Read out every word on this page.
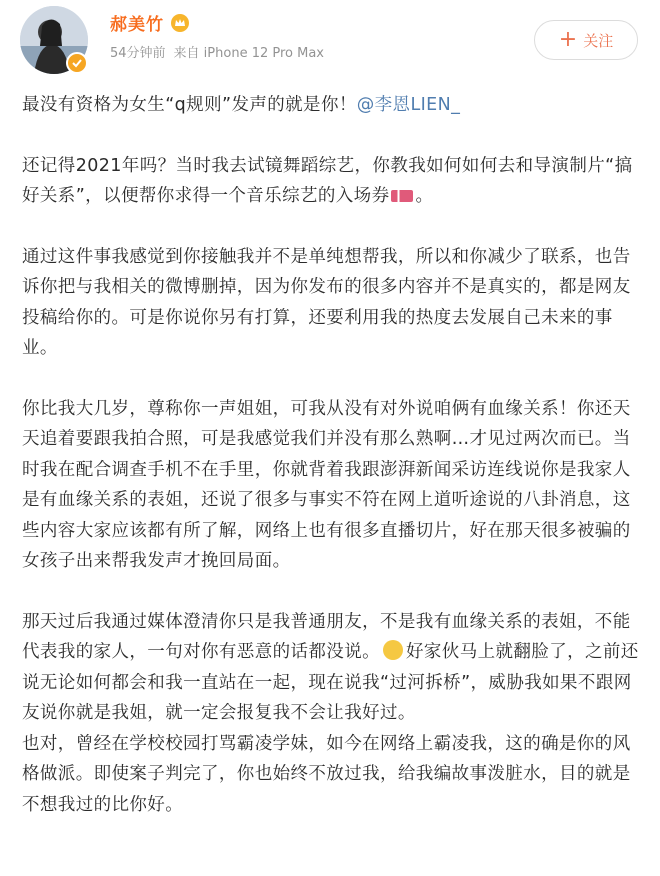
郝美竹
54分钟前 来自 iPhone 12 Pro Max
+ 关注

最没有资格为女生“q规则”发声的就是你！@李恩LIEN_

还记得2021年吗？当时我去试镜舞蹈综艺，你教我如何如何去和导演制片“搞好关系”，以便帮你求得一个音乐综艺的入场券 。

通过这件事我感觉到你接触我并不是单纯想帮我，所以和你减少了联系，也告诉你把与我相关的微博删掉，因为你发布的很多内容并不是真实的，都是网友投稿给你的。可是你说你另有打算，还要利用我的热度去发展自己未来的事业。

你比我大几岁，尊称你一声姐姐，可我从没有对外说咱俩有血缘关系！你还天天追着要跟我拍合照，可是我感觉我们并没有那么熟啊…才见过两次而已。当时我在配合调查手机不在手里，你就背着我跟澎湃新闻采访连线说你是我家人是有血缘关系的表姐，还说了很多与事实不符在网上道听途说的八卦消息，这些内容大家应该都有所了解，网络上也有很多直播切片，好在那天很多被骗的女孩子出来帮我发声才挽回局面。

那天过后我通过媒体澄清你只是我普通朋友，不是我有血缘关系的表姐，不能代表我的家人，一句对你有恶意的话都没说。 好家伙马上就翻脸了，之前还说无论如何都会和我一直站在一起，现在说我“过河拆桥”，威胁我如果不跟网友说你就是我姐，就一定会报复我不会让我好过。

也对，曾经在学校校园打骂霸凌学妹，如今在网络上霸凌我，这的确是你的风格做派。即使案子判完了，你也始终不放过我，给我编故事泼脏水，目的就是不想我过的比你好。
